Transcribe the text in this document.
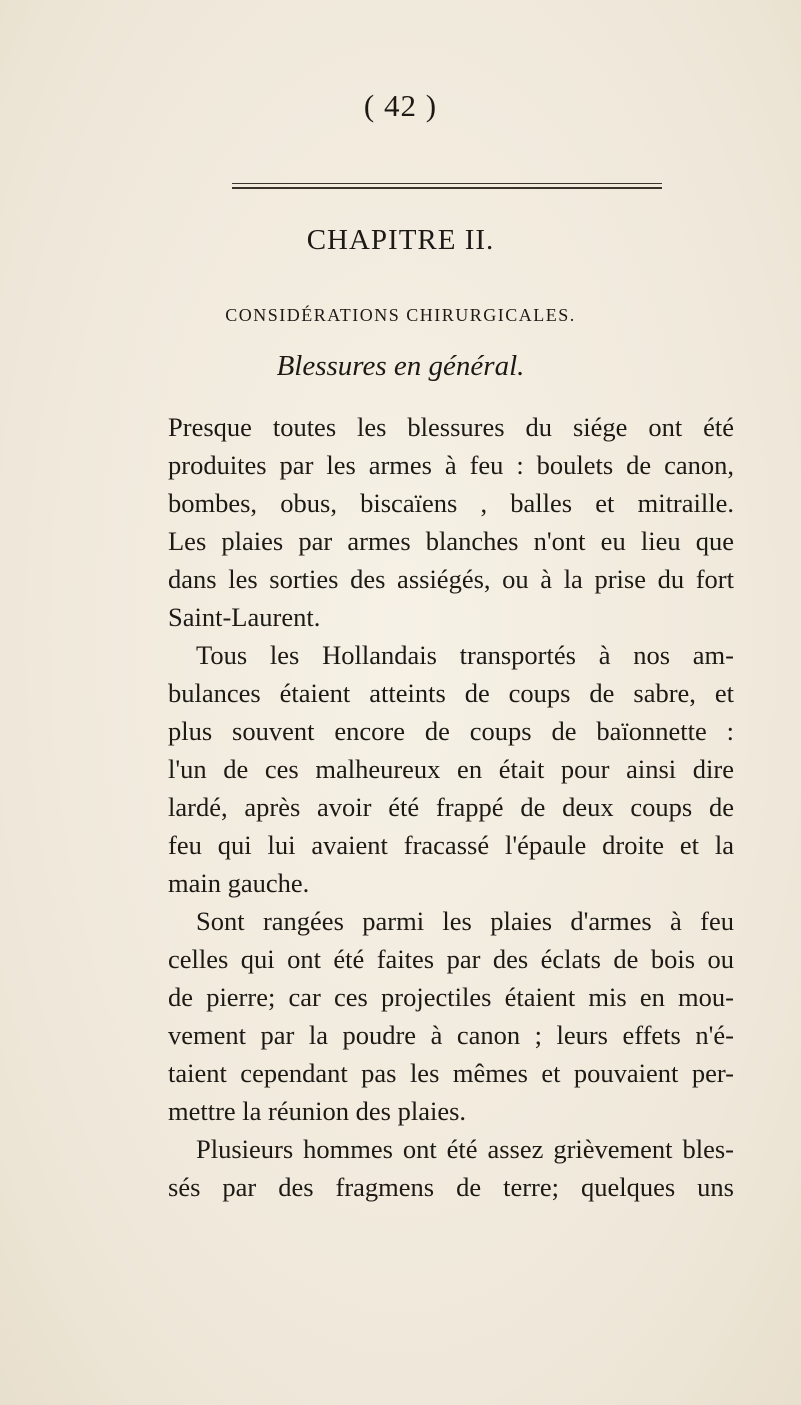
( 42 )
CHAPITRE II.
CONSIDÉRATIONS CHIRURGICALES.
Blessures en général.
Presque toutes les blessures du siége ont été
produites par les armes à feu : boulets de canon,
bombes, obus, biscaïens , balles et mitraille.
Les plaies par armes blanches n'ont eu lieu que
dans les sorties des assiégés, ou à la prise du fort
Saint-Laurent.
Tous les Hollandais transportés à nos am-
bulances étaient atteints de coups de sabre, et
plus souvent encore de coups de baïonnette :
l'un de ces malheureux en était pour ainsi dire
lardé, après avoir été frappé de deux coups de
feu qui lui avaient fracassé l'épaule droite et la
main gauche.
Sont rangées parmi les plaies d'armes à feu
celles qui ont été faites par des éclats de bois ou
de pierre; car ces projectiles étaient mis en mou-
vement par la poudre à canon ; leurs effets n'é-
taient cependant pas les mêmes et pouvaient per-
mettre la réunion des plaies.
Plusieurs hommes ont été assez grièvement bles-
sés par des fragmens de terre; quelques uns
